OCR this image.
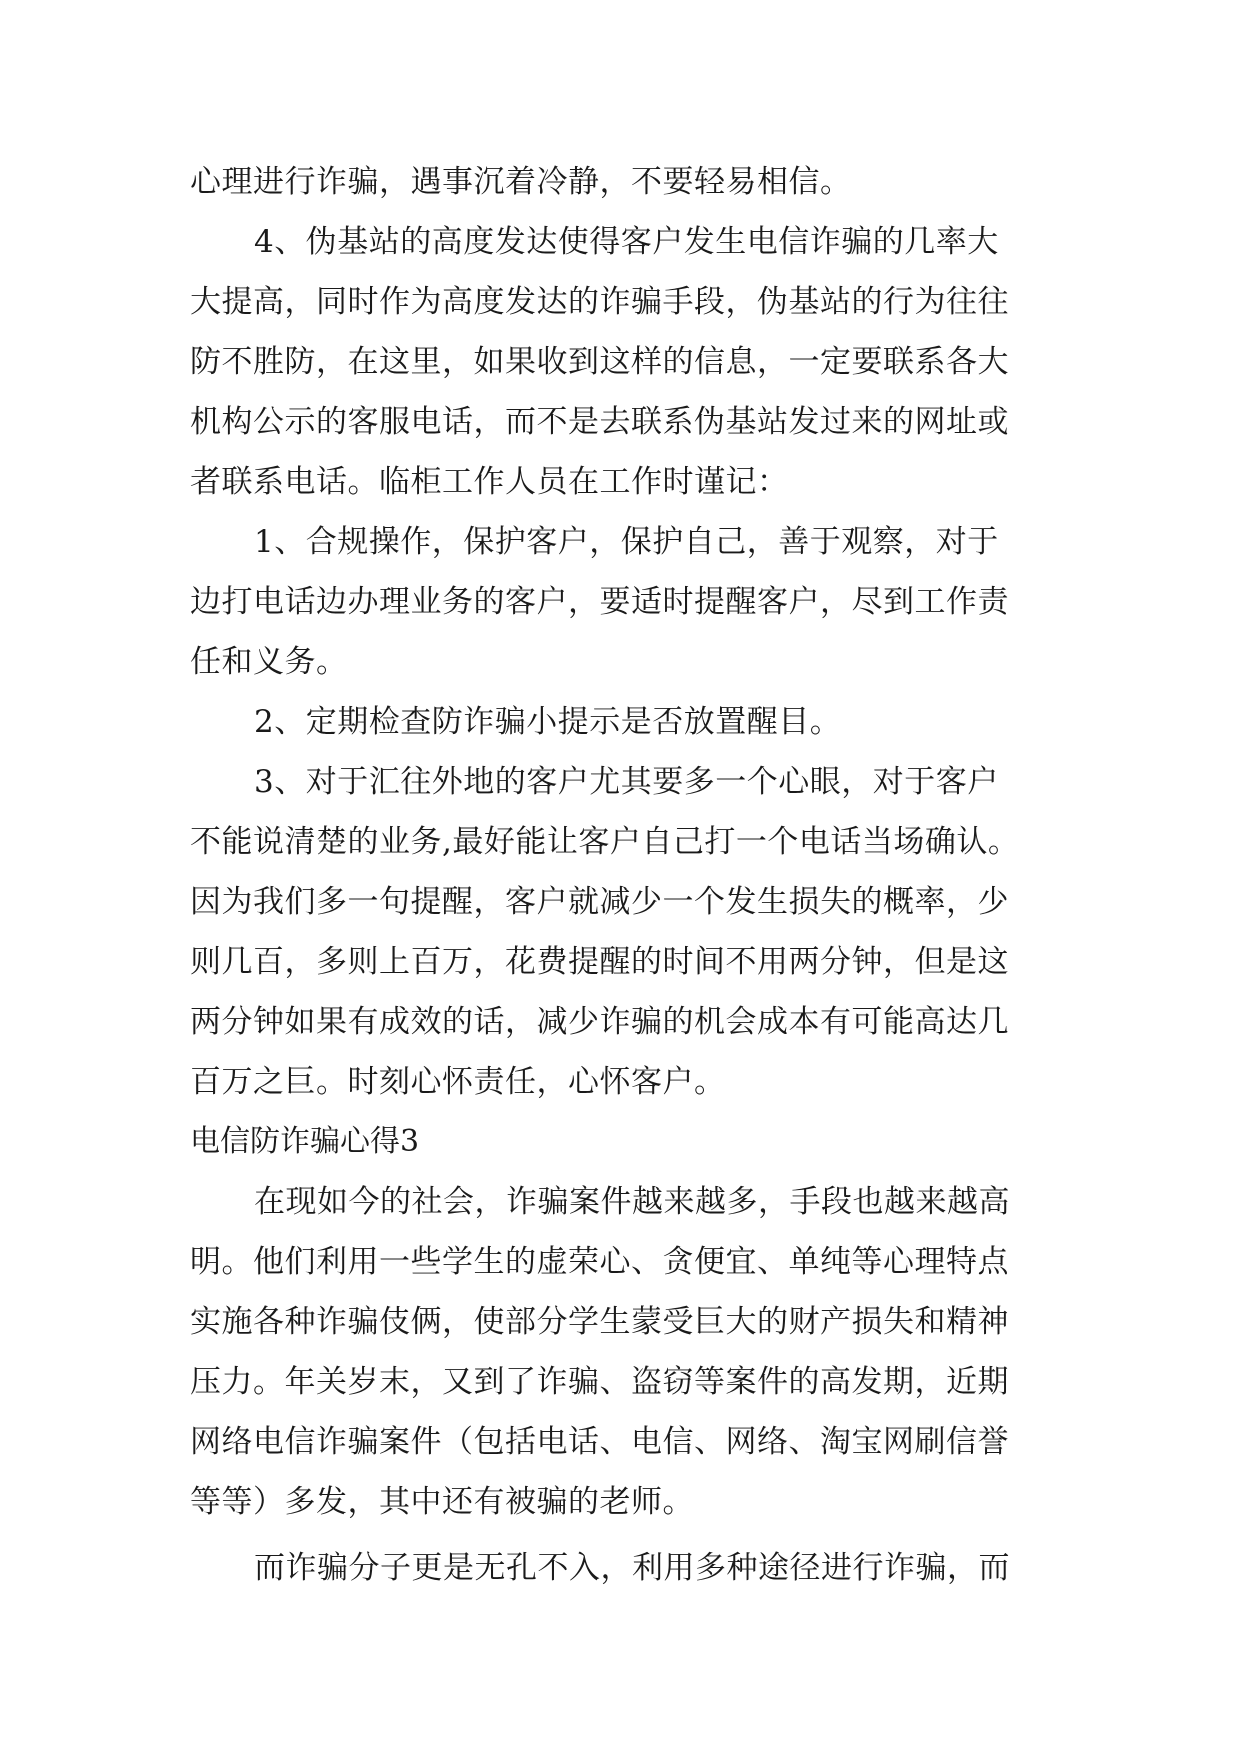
心理进行诈骗，遇事沉着冷静，不要轻易相信。
4、伪基站的高度发达使得客户发生电信诈骗的几率大
大提高，同时作为高度发达的诈骗手段，伪基站的行为往往
防不胜防，在这里，如果收到这样的信息，一定要联系各大
机构公示的客服电话，而不是去联系伪基站发过来的网址或
者联系电话。临柜工作人员在工作时谨记：
1、合规操作，保护客户，保护自己，善于观察，对于
边打电话边办理业务的客户，要适时提醒客户，尽到工作责
任和义务。
2、定期检查防诈骗小提示是否放置醒目。
3、对于汇往外地的客户尤其要多一个心眼，对于客户
不能说清楚的业务,最好能让客户自己打一个电话当场确认。
因为我们多一句提醒，客户就减少一个发生损失的概率，少
则几百，多则上百万，花费提醒的时间不用两分钟，但是这
两分钟如果有成效的话，减少诈骗的机会成本有可能高达几
百万之巨。时刻心怀责任，心怀客户。
电信防诈骗心得3
在现如今的社会，诈骗案件越来越多，手段也越来越高
明。他们利用一些学生的虚荣心、贪便宜、单纯等心理特点
实施各种诈骗伎俩，使部分学生蒙受巨大的财产损失和精神
压力。年关岁末，又到了诈骗、盗窃等案件的高发期，近期
网络电信诈骗案件（包括电话、电信、网络、淘宝网刷信誉
等等）多发，其中还有被骗的老师。
而诈骗分子更是无孔不入，利用多种途径进行诈骗，而
